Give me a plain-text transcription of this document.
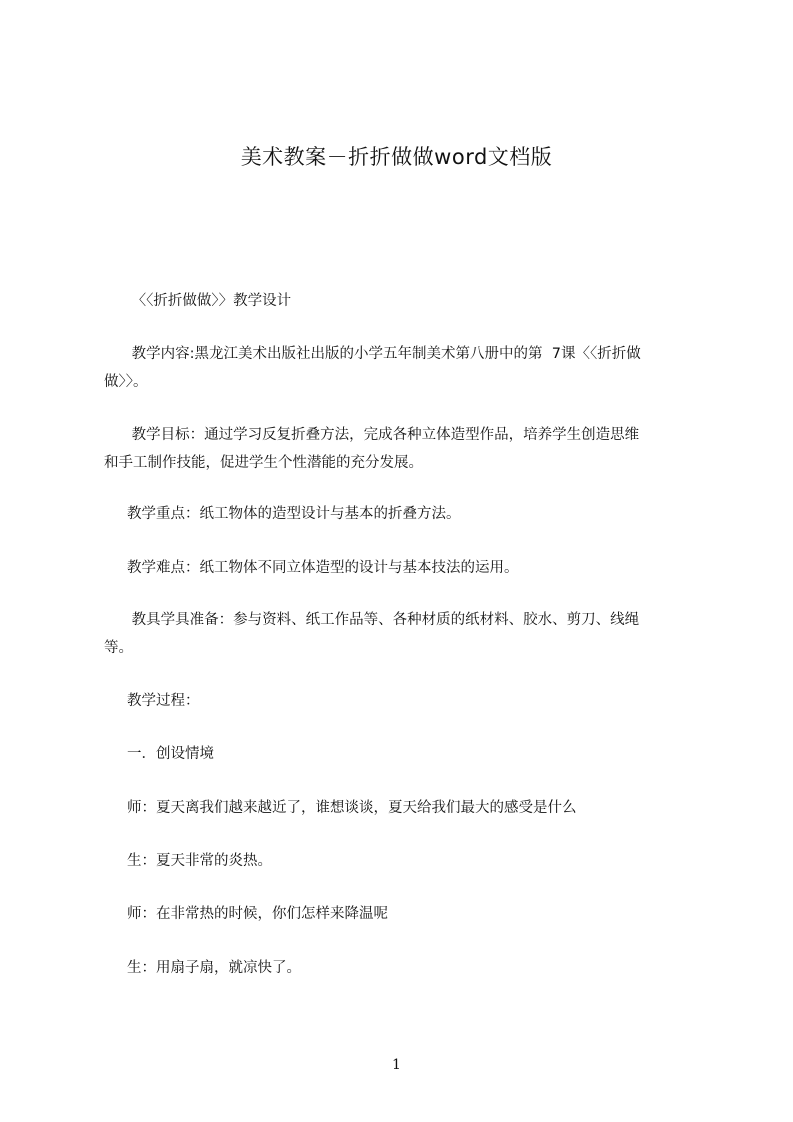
美术教案－折折做做word文档版
〈〈折折做做〉〉教学设计
教学内容:黑龙江美术出版社出版的小学五年制美术第八册中的第  7课〈〈折折做
做〉〉。
教学目标：通过学习反复折叠方法，完成各种立体造型作品，培养学生创造思维
和手工制作技能，促进学生个性潜能的充分发展。
教学重点：纸工物体的造型设计与基本的折叠方法。
教学难点：纸工物体不同立体造型的设计与基本技法的运用。
教具学具准备：参与资料、纸工作品等、各种材质的纸材料、胶水、剪刀、线绳
等。
教学过程：
一．创设情境
师：夏天离我们越来越近了，谁想谈谈，夏天给我们最大的感受是什么
生：夏天非常的炎热。
师：在非常热的时候，你们怎样来降温呢
生：用扇子扇，就凉快了。
1
